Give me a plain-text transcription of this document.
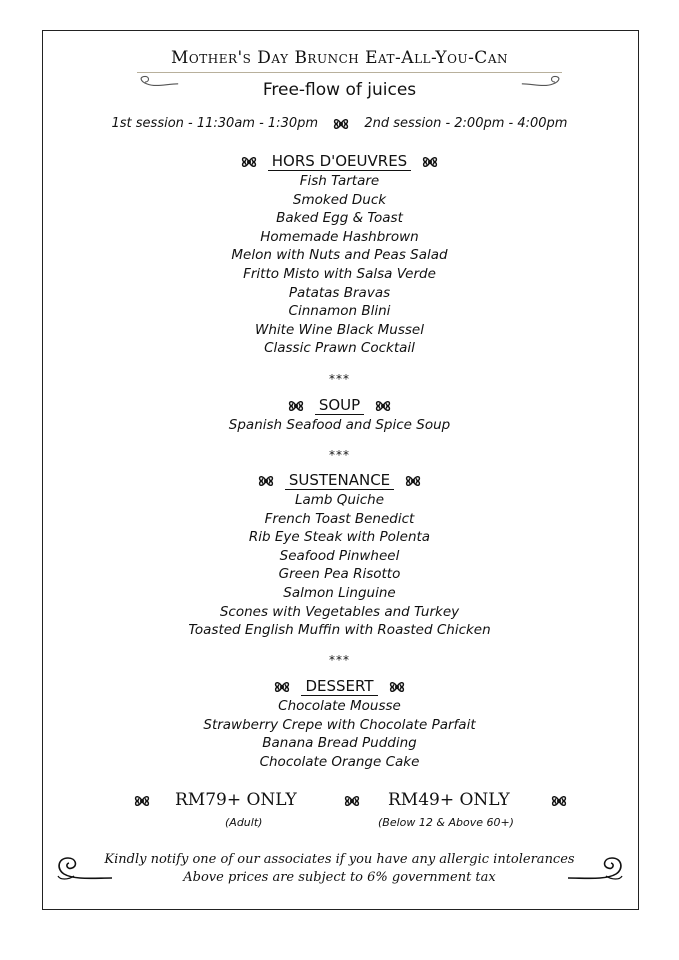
Mother's Day Brunch Eat-All-You-Can
Free-flow of juices
1st session - 11:30am - 1:30pm	2nd session - 2:00pm - 4:00pm
HORS D'OEUVRES
Fish Tartare
Smoked Duck
Baked Egg & Toast
Homemade Hashbrown
Melon with Nuts and Peas Salad
Fritto Misto with Salsa Verde
Patatas Bravas
Cinnamon Blini
White Wine Black Mussel
Classic Prawn Cocktail
***
SOUP
Spanish Seafood and Spice Soup
***
SUSTENANCE
Lamb Quiche
French Toast Benedict
Rib Eye Steak with Polenta
Seafood Pinwheel
Green Pea Risotto
Salmon Linguine
Scones with Vegetables and Turkey
Toasted English Muffin with Roasted Chicken
***
DESSERT
Chocolate Mousse
Strawberry Crepe with Chocolate Parfait
Banana Bread Pudding
Chocolate Orange Cake
RM79+ ONLY
(Adult)
RM49+ ONLY
(Below 12 & Above 60+)
Kindly notify one of our associates if you have any allergic intolerances
Above prices are subject to 6% government tax
